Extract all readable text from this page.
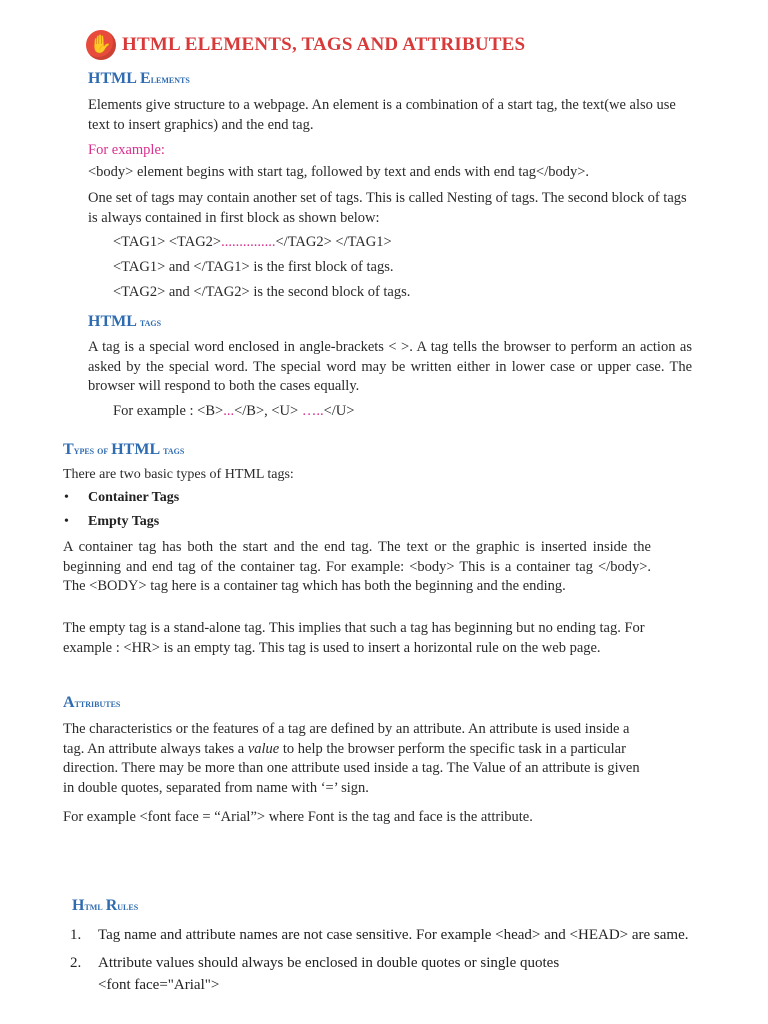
✋ HTML ELEMENTS, TAGS AND ATTRIBUTES
HTML Elements
Elements give structure to a webpage. An element is a combination of a start tag, the text(we also use text to insert graphics) and the end tag.
For example:
<body> element begins with start tag, followed by text and ends with end tag</body>.
One set of tags may contain another set of tags. This is called Nesting of tags. The second block of tags is always contained in first block as shown below:
<TAG1> <TAG2>...............</TAG2> </TAG1>
<TAG1> and </TAG1> is the first block of tags.
<TAG2> and </TAG2> is the second block of tags.
HTML tags
A tag is a special word enclosed in angle-brackets < >. A tag tells the browser to perform an action as asked by the special word. The special word may be written either in lower case or upper case. The browser will respond to both the cases equally.
For example : <B>...</B>, <U> …..</U>
Types of HTML tags
There are two basic types of HTML tags:
• Container Tags
• Empty Tags
A container tag has both the start and the end tag. The text or the graphic is inserted inside the beginning and end tag of the container tag. For example: <body> This is a container tag </body>. The <BODY> tag here is a container tag which has both the beginning and the ending.
The empty tag is a stand-alone tag. This implies that such a tag has beginning but no ending tag. For example : <HR> is an empty tag. This tag is used to insert a horizontal rule on the web page.
Attributes
The characteristics or the features of a tag are defined by an attribute. An attribute is used inside a tag. An attribute always takes a value to help the browser perform the specific task in a particular direction. There may be more than one attribute used inside a tag. The Value of an attribute is given in double quotes, separated from name with ‘=’ sign.
For example <font face = “Arial”> where Font is the tag and face is the attribute.
Html Rules
1. Tag name and attribute names are not case sensitive. For example <head> and <HEAD> are same.
2. Attribute values should always be enclosed in double quotes or single quotes
<font face="Arial">
